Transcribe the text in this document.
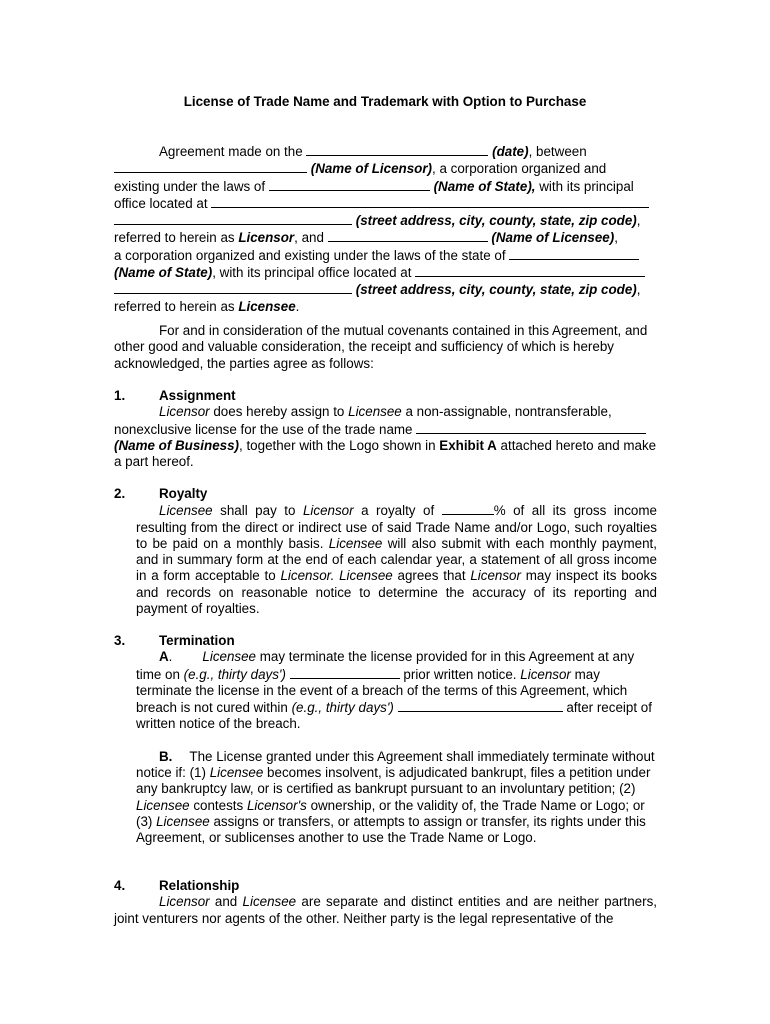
License of Trade Name and Trademark with Option to Purchase
Agreement made on the	(date), between
(Name of Licensor), a corporation organized and
existing under the laws of	(Name of State), with its principal
office located at
(street address, city, county, state, zip code),
referred to herein as Licensor, and	(Name of Licensee),
a corporation organized and existing under the laws of the state of
(Name of State), with its principal office located at
(street address, city, county, state, zip code),
referred to herein as Licensee.
For and in consideration of the mutual covenants contained in this Agreement, and other good and valuable consideration, the receipt and sufficiency of which is hereby acknowledged, the parties agree as follows:
1.	Assignment
Licensor does hereby assign to Licensee a non-assignable, nontransferable, nonexclusive license for the use of the trade name  (Name of Business), together with the Logo shown in Exhibit A attached hereto and make a part hereof.
2.	Royalty
Licensee shall pay to Licensor a royalty of	% of all its gross income resulting from the direct or indirect use of said Trade Name and/or Logo, such royalties to be paid on a monthly basis. Licensee will also submit with each monthly payment, and in summary form at the end of each calendar year, a statement of all gross income in a form acceptable to Licensor. Licensee agrees that Licensor may inspect its books and records on reasonable notice to determine the accuracy of its reporting and payment of royalties.
3.	Termination
A. Licensee may terminate the license provided for in this Agreement at any time on (e.g., thirty days')	prior written notice. Licensor may terminate the license in the event of a breach of the terms of this Agreement, which breach is not cured within (e.g., thirty days')	after receipt of written notice of the breach.
B. The License granted under this Agreement shall immediately terminate without notice if: (1) Licensee becomes insolvent, is adjudicated bankrupt, files a petition under any bankruptcy law, or is certified as bankrupt pursuant to an involuntary petition; (2) Licensee contests Licensor's ownership, or the validity of, the Trade Name or Logo; or (3) Licensee assigns or transfers, or attempts to assign or transfer, its rights under this Agreement, or sublicenses another to use the Trade Name or Logo.
4.	Relationship
Licensor and Licensee are separate and distinct entities and are neither partners, joint venturers nor agents of the other. Neither party is the legal representative of the
